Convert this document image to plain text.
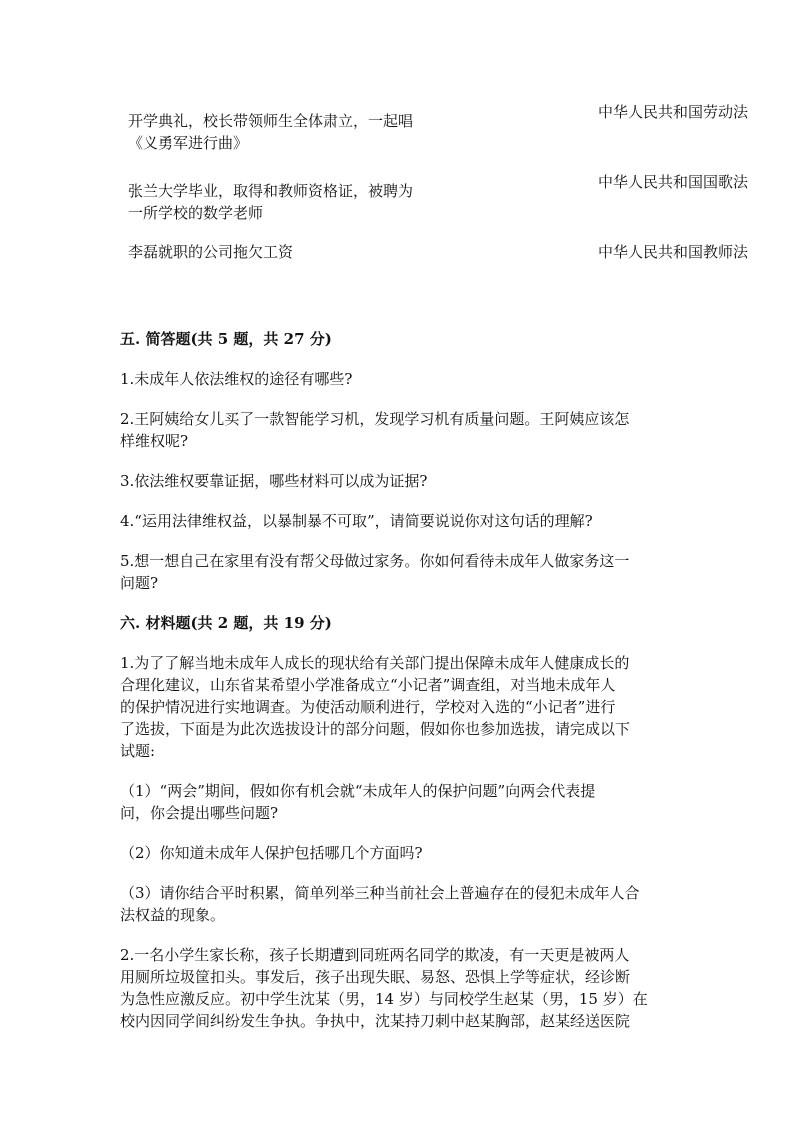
开学典礼，校长带领师生全体肃立，一起唱
《义勇军进行曲》
中华人民共和国劳动法
张兰大学毕业，取得和教师资格证，被聘为
一所学校的数学老师
中华人民共和国国歌法
李磊就职的公司拖欠工资	中华人民共和国教师法
五. 简答题(共 5 题，共 27 分)
1.未成年人依法维权的途径有哪些?
2.王阿姨给女儿买了一款智能学习机，发现学习机有质量问题。王阿姨应该怎
样维权呢?
3.依法维权要靠证据，哪些材料可以成为证据?
4.“运用法律维权益，以暴制暴不可取”，请简要说说你对这句话的理解?
5.想一想自己在家里有没有帮父母做过家务。你如何看待未成年人做家务这一
问题?
六. 材料题(共 2 题，共 19 分)
1.为了了解当地未成年人成长的现状给有关部门提出保障未成年人健康成长的
合理化建议，山东省某希望小学准备成立“小记者”调查组，对当地未成年人
的保护情况进行实地调查。为使活动顺利进行，学校对入选的“小记者”进行
了选拔，下面是为此次选拔设计的部分问题，假如你也参加选拔，请完成以下
试题:
（1）“两会”期间，假如你有机会就“未成年人的保护问题”向两会代表提
问，你会提出哪些问题?
（2）你知道未成年人保护包括哪几个方面吗?
（3）请你结合平时积累，简单列举三种当前社会上普遍存在的侵犯未成年人合
法权益的现象。
2.一名小学生家长称，孩子长期遭到同班两名同学的欺凌，有一天更是被两人
用厕所垃圾筐扣头。事发后，孩子出现失眠、易怒、恐惧上学等症状，经诊断
为急性应激反应。初中学生沈某（男，14 岁）与同校学生赵某（男，15 岁）在
校内因同学间纠纷发生争执。争执中，沈某持刀刺中赵某胸部，赵某经送医院
